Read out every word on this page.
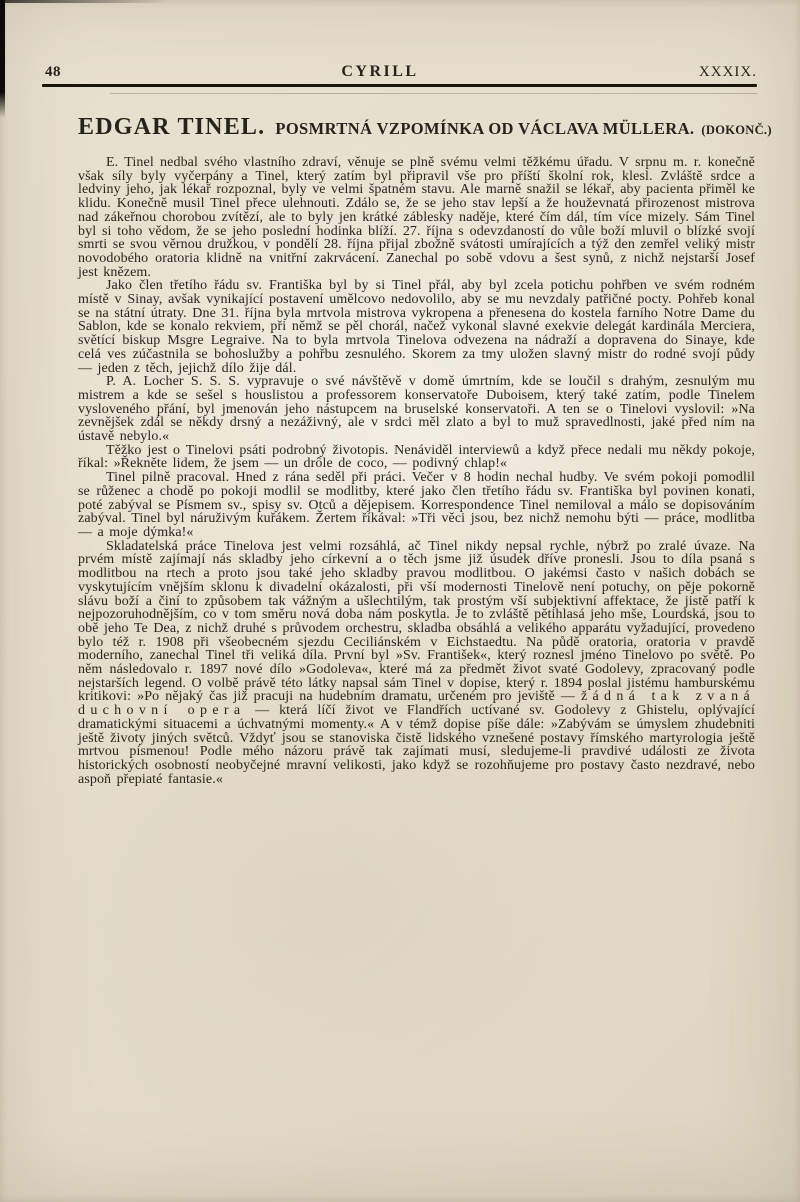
48	CYRILL	XXXIX.
EDGAR TINEL. POSMRTNÁ VZPOMÍNKA OD VÁCLAVA MÜLLERA. (DOKONČ.)

E. Tinel nedbal svého vlastního zdraví, věnuje se plně svému velmi těžkému úřadu. V srpnu m. r. konečně však síly byly vyčerpány a Tinel, který zatím byl připravil vše pro příští školní rok, klesl. Zvláště srdce a ledviny jeho, jak lékař rozpoznal, byly ve velmi špatném stavu. Ale marně snažil se lékař, aby pacienta přiměl ke klidu. Konečně musil Tinel přece ulehnouti. Zdálo se, že se jeho stav lepší a že houževnatá přirozenost mistrova nad zákeřnou chorobou zvítězí, ale to byly jen krátké záblesky naděje, které čím dál, tím více mizely. Sám Tinel byl si toho vědom, že se jeho poslední hodinka blíží. 27. října s odevzdaností do vůle boží mluvil o blízké svojí smrti se svou věrnou družkou, v pondělí 28. října přijal zbožně svátosti umírajících a týž den zemřel veliký mistr novodobého oratoria klidně na vnitřní zakrvácení. Zanechal po sobě vdovu a šest synů, z nichž nejstarší Josef jest knězem.

Jako člen třetího řádu sv. Františka byl by si Tinel přál, aby byl zcela potichu pohřben ve svém rodném místě v Sinay, avšak vynikající postavení umělcovo nedovolilo, aby se mu nevzdaly patřičné pocty. Pohřeb konal se na státní útraty. Dne 31. října byla mrtvola mistrova vykropena a přenesena do kostela farního Notre Dame du Sablon, kde se konalo rekviem, při němž se pěl chorál, načež vykonal slavné exekvie delegát kardinála Merciera, světící biskup Msgre Legraive. Na to byla mrtvola Tinelova odvezena na nádraží a dopravena do Sinaye, kde celá ves zúčastnila se bohoslužby a pohřbu zesnulého. Skorem za tmy uložen slavný mistr do rodné svojí půdy — jeden z těch, jejichž dílo žije dál.

P. A. Locher S. S. S. vypravuje o své návštěvě v domě úmrtním, kde se loučil s drahým, zesnulým mu mistrem a kde se sešel s houslistou a professorem konservatoře Duboisem, který také zatím, podle Tinelem vysloveného přání, byl jmenován jeho nástupcem na bruselské konservatoři. A ten se o Tinelovi vyslovil: »Na zevnějšek zdál se někdy drsný a nezáživný, ale v srdci měl zlato a byl to muž spravedlnosti, jaké před ním na ústavě nebylo.«

Těžko jest o Tinelovi psáti podrobný životopis. Nenáviděl interviewů a když přece nedali mu někdy pokoje, říkal: »Řekněte lidem, že jsem — un drôle de coco, — podivný chlap!«

Tinel pilně pracoval. Hned z rána seděl při práci. Večer v 8 hodin nechal hudby. Ve svém pokoji pomodlil se růženec a chodě po pokoji modlil se modlitby, které jako člen třetího řádu sv. Františka byl povinen konati, poté zabýval se Písmem sv., spisy sv. Otců a dějepisem. Korrespondence Tinel nemiloval a málo se dopisováním zabýval. Tinel byl náruživým kuřákem. Žertem říkával: »Tři věci jsou, bez nichž nemohu býti — práce, modlitba — a moje dýmka!«

Skladatelská práce Tinelova jest velmi rozsáhlá, ač Tinel nikdy nepsal rychle, nýbrž po zralé úvaze. Na prvém místě zajímají nás skladby jeho církevní a o těch jsme již úsudek dříve pronesli. Jsou to díla psaná s modlitbou na rtech a proto jsou také jeho skladby pravou modlitbou. O jakémsi často v našich dobách se vyskytujícím vnějším sklonu k divadelní okázalosti, při vší modernosti Tinelově není potuchy, on pěje pokorně slávu boží a činí to způsobem tak vážným a ušlechtilým, tak prostým vší subjektivní affektace, že jistě patří k nejpozoruhodnějším, co v tom směru nová doba nám poskytla. Je to zvláště pětihlasá jeho mše, Lourdská, jsou to obě jeho Te Dea, z nichž druhé s průvodem orchestru, skladba obsáhlá a velikého apparátu vyžadující, provedeno bylo též r. 1908 při všeobecném sjezdu Ceciliánském v Eichstaedtu. Na půdě oratoria, oratoria v pravdě moderního, zanechal Tinel tři veliká díla. První byl »Sv. František«, který roznesl jméno Tinelovo po světě. Po něm následovalo r. 1897 nové dílo »Godoleva«, které má za předmět život svaté Godolevy, zpracovaný podle nejstarších legend. O volbě právě této látky napsal sám Tinel v dopise, který r. 1894 poslal jistému hamburskému kritikovi: »Po nějaký čas již pracuji na hudebním dramatu, určeném pro jeviště — žádná tak zvaná duchovní opera — která líčí život ve Flandřích uctívané sv. Godolevy z Ghistelu, oplývající dramatickými situacemi a úchvatnými momenty.« A v témž dopise píše dále: »Zabývám se úmyslem zhudebniti ještě životy jiných světců. Vždyť jsou se stanoviska čistě lidského vznešené postavy římského martyrologia ještě mrtvou písmenou! Podle mého názoru právě tak zajímati musí, sledujeme-li pravdivé události ze života historických osobností neobyčejné mravní velikosti, jako když se rozohňujeme pro postavy často nezdravé, nebo aspoň přepiaté fantasie.«
